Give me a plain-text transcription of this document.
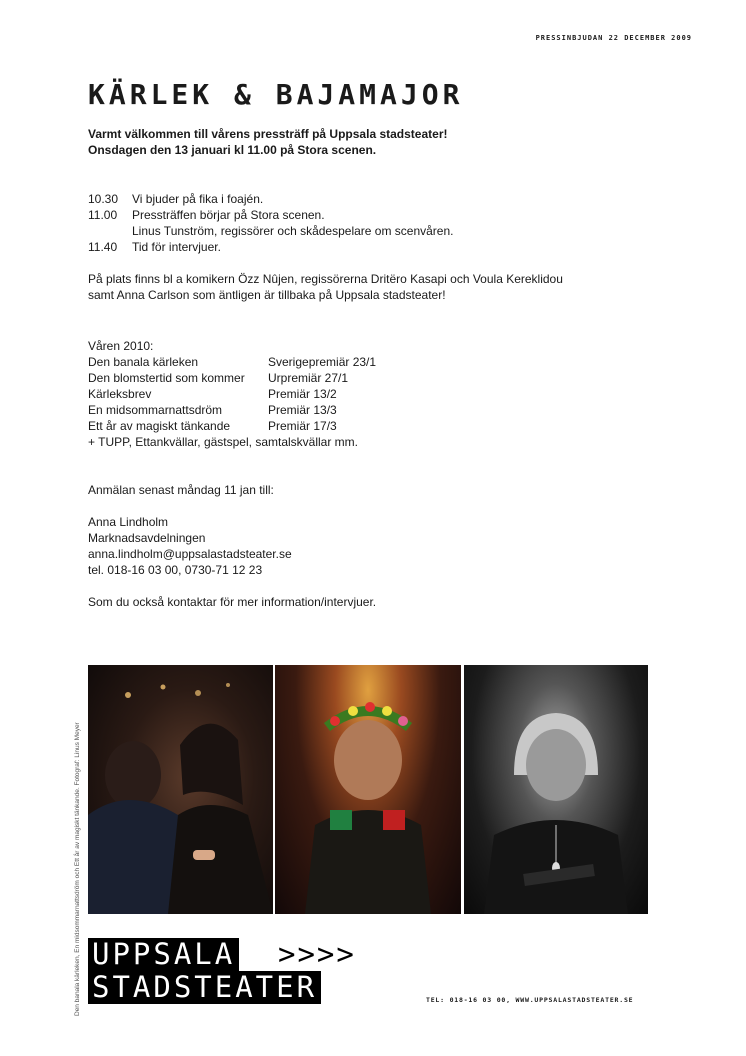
PRESSINBJUDAN 22 DECEMBER 2009
KÄRLEK & BAJAMAJOR
Varmt välkommen till vårens pressträff på Uppsala stadsteater!
Onsdagen den 13 januari kl 11.00 på Stora scenen.
10.30	Vi bjuder på fika i foajén.
11.00	Pressträffen börjar på Stora scenen.
Linus Tunström, regissörer och skådespelare om scenvåren.
11.40	Tid för intervjuer.
På plats finns bl a komikern Özz Nûjen, regissörerna Dritëro Kasapi och Voula Kereklidou
samt Anna Carlson som äntligen är tillbaka på Uppsala stadsteater!
Våren 2010:
Den banala kärleken	Sverigepremiär 23/1
Den blomstertid som kommer	Urpremiär 27/1
Kärleksbrev	Premiär 13/2
En midsommarnattsdröm	Premiär 13/3
Ett år av magiskt tänkande	Premiär 17/3
+ TUPP, Ettankvällar, gästspel, samtalskvällar mm.
Anmälan senast måndag 11 jan till:
Anna Lindholm
Marknadsavdelningen
anna.lindholm@uppsalastadsteater.se
tel. 018-16 03 00, 0730-71 12 23
Som du också kontaktar för mer information/intervjuer.
Den banala kärleken, En midsommarnattsdröm och Ett år av magiskt tänkande. Fotograf: Linus Meyer UPPSALA
STADSTEATER
>>>>
TEL: 018-16 03 00, WWW.UPPSALASTADSTEATER.SE
